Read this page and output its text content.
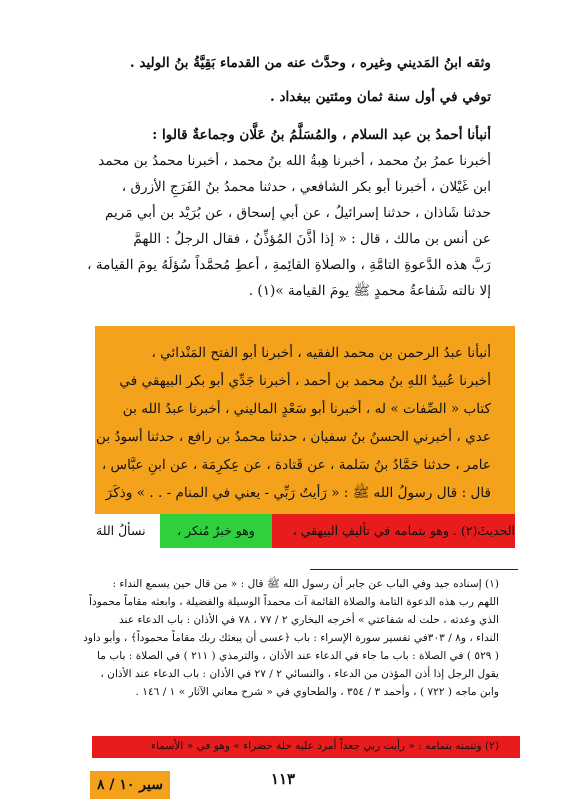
وثقه ابنُ المَديني وغيره ، وحدَّث عنه من القدماء بَقِيَّةُ بنُ الوليد .
توفي في أول سنة ثمان ومئتين ببغداد .
أنبأنا أحمدُ بن عبد السلام ، والمُسَلَّمُ بنُ عَلَّان وجماعةٌ قالوا :
أخبرنا عمرُ بنُ محمد ، أخبرنا هِبةُ الله بنُ محمد ، أخبرنا محمدُ بن محمد
ابن غَيْلان ، أخبرنا أبو بكر الشافعي ، حدثنا محمدُ بنُ الفَرَجِ الأزرق ،
حدثنا شَاذان ، حدثنا إسرائيلُ ، عن أبي إسحاق ، عن بُرَيْد بن أبي مَريم
عن أنس بن مالك ، قال : « إذا أذَّنَ المُؤذِّنُ ، فقال الرجلُ : اللهمَّ
رَبَّ هذه الدَّعوةِ التامَّةِ ، والصلاةِ القائِمةِ ، أعطِ مُحمَّداً سُؤلَهُ يومَ القيامة ،
إلا نالته شَفاعةُ محمدٍ ﷺ يومَ القيامة »(١) .
أنبأنا عبدُ الرحمن بن محمد الفقيه ، أخبرنا أبو الفتح المَنْدائي ،
أخبرنا عُبيدُ اللهِ بنُ محمد بن أحمد ، أخبرنا جَدِّي أبو بكر البيهقي في
كتاب « الصِّفات » له ، أخبرنا أبو سَعْدٍ الماليني ، أخبرنا عبدُ الله بن
عدي ، أخبرني الحسنُ بنُ سفيان ، حدثنا محمدُ بن رافع ، حدثنا أسودُ بن
عامر ، حدثنا حَمَّادُ بنُ سَلمة ، عن قَتادة ، عن عِكرِمَة ، عن ابنِ عبَّاس ،
قال : قال رسولُ الله ﷺ : « رَأيتُ رَبِّي - يعني في المنام - . . » وذكَرَ
الحديثَ(٢) . وهو بتمامه في تأليفِ البيهقي ،
وهو خبرٌ مُنكر ،
نسألُ اللهَ
(١) إسناده جيد وفي الباب عن جابر أن رسول الله ﷺ قال : « من قال حين يسمع النداء :
اللهم رب هذه الدعوة التامة والصلاة القائمة آت محمداً الوسيلة والفضيلة ، وابعثه مقاماً محموداً
الذي وعدته ، حلت له شفاعتي » أخرجه البخاري ٢ / ٧٧ ، ٧٨ في الأذان : باب الدعاء عند
النداء ، و٨ / ٣٠٣في تفسير سورة الإسراء : باب ﴿عسى أن يبعثك ربك مقاماً محموداً﴾ ، وأبو داود
( ٥٢٩ ) في الصلاة : باب ما جاء في الدعاء عند الأذان ، والترمذي ( ٢١١ ) في الصلاة : باب ما
يقول الرجل إذا أذن المؤذن من الدعاء ، والنسائي ٢ / ٢٧ في الأذان : باب الدعاء عند الأذان ،
وابن ماجه ( ٧٢٢ ) ، وأحمد ٣ / ٣٥٤ ، والطحاوي في « شرح معاني الآثار » ١ / ١٤٦ .
(٢) وتتمته بتمامه : « رأيت ربي جعداً أمرد عليه حلة خضراء » وهو في « الأسماء
١١٣
سير ١٠ / ٨
